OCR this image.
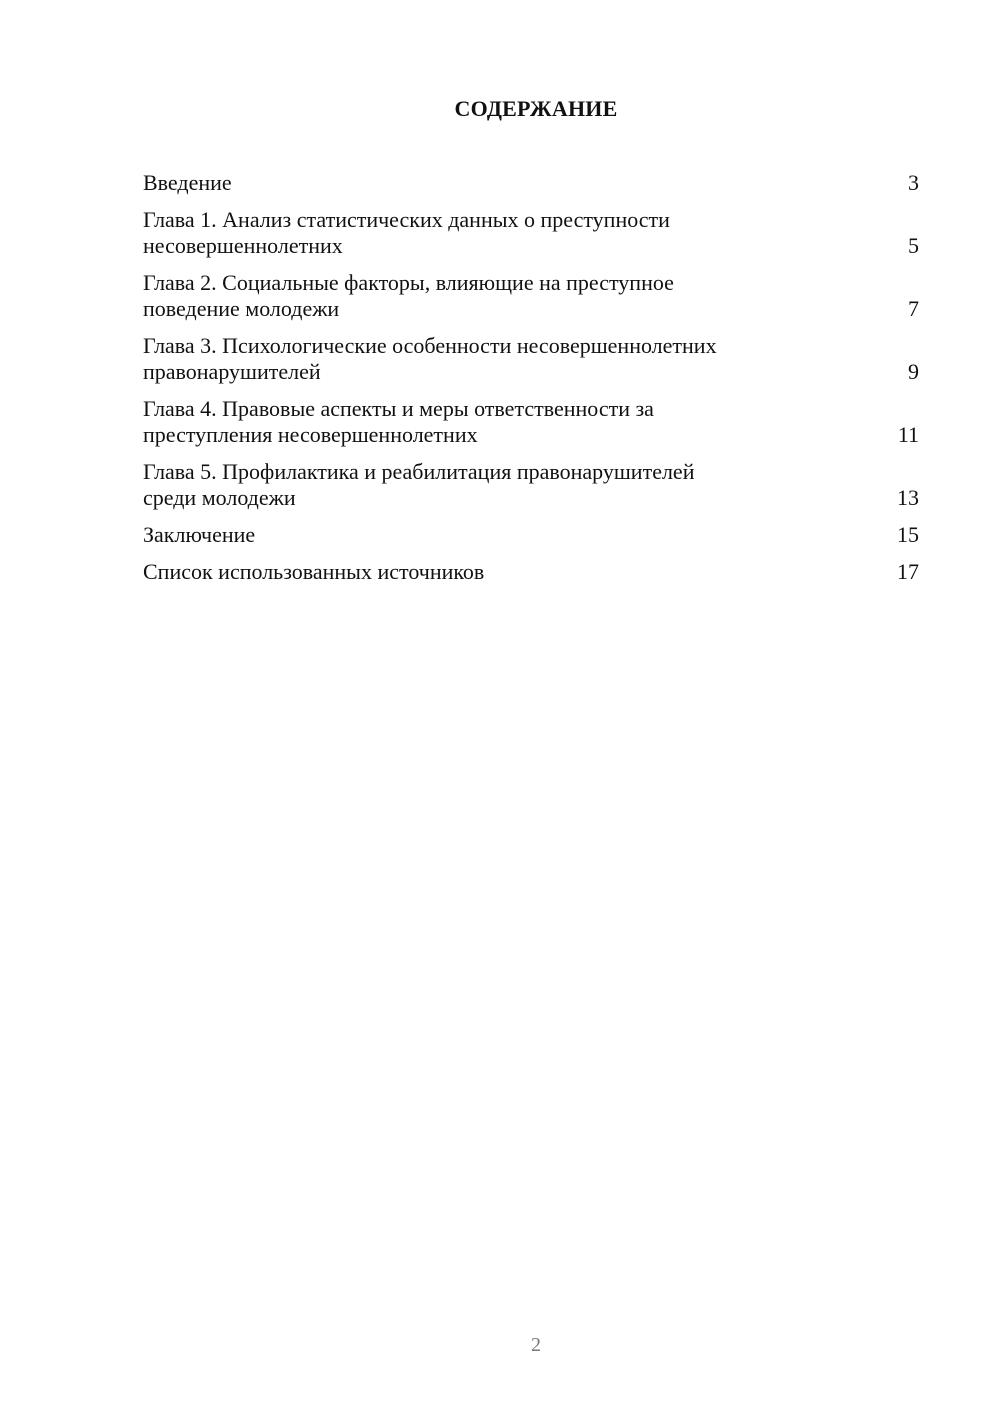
СОДЕРЖАНИЕ
Введение	3
Глава 1. Анализ статистических данных о преступности
несовершеннолетних	5
Глава 2. Социальные факторы, влияющие на преступное
поведение молодежи	7
Глава 3. Психологические особенности несовершеннолетних
правонарушителей	9
Глава 4. Правовые аспекты и меры ответственности за
преступления несовершеннолетних	11
Глава 5. Профилактика и реабилитация правонарушителей
среди молодежи	13
Заключение	15
Список использованных источников	17
2
